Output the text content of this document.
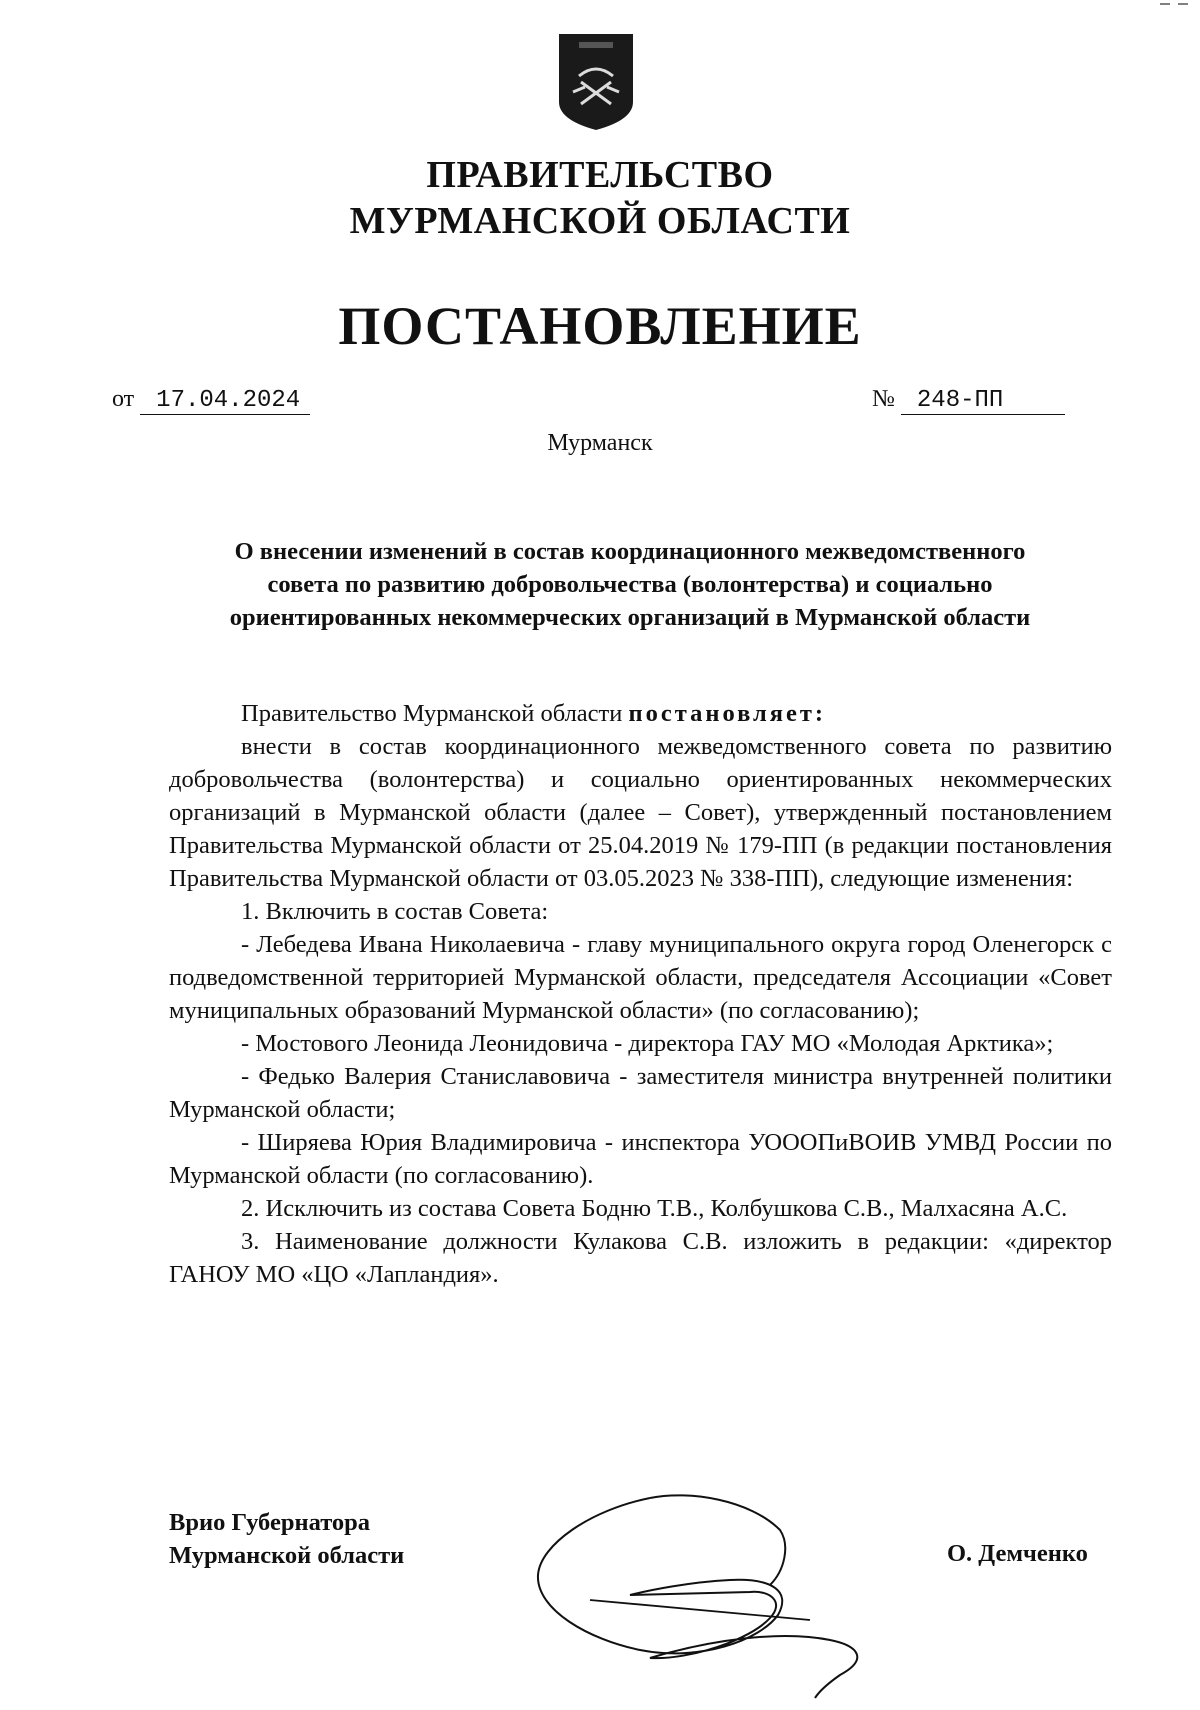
ПРАВИТЕЛЬСТВО
МУРМАНСКОЙ ОБЛАСТИ
ПОСТАНОВЛЕНИЕ
от 17.04.2024	№ 248-ПП
Мурманск
О внесении изменений в состав координационного межведомственного
совета по развитию добровольчества (волонтерства) и социально
ориентированных некоммерческих организаций в Мурманской области

Правительство Мурманской области постановляет:

внести в состав координационного межведомственного совета по развитию добровольчества (волонтерства) и социально ориентированных некоммерческих организаций в Мурманской области (далее – Совет), утвержденный постановлением Правительства Мурманской области от 25.04.2019 № 179-ПП (в редакции постановления Правительства Мурманской области от 03.05.2023 № 338-ПП), следующие изменения:

1. Включить в состав Совета:

- Лебедева Ивана Николаевича - главу муниципального округа город Оленегорск с подведомственной территорией Мурманской области, председателя Ассоциации «Совет муниципальных образований Мурманской области» (по согласованию);

- Мостового Леонида Леонидовича - директора ГАУ МО «Молодая Арктика»;

- Федько Валерия Станиславовича - заместителя министра внутренней политики Мурманской области;

- Ширяева Юрия Владимировича - инспектора УОООПиВОИВ УМВД России по Мурманской области (по согласованию).

2. Исключить из состава Совета Бодню Т.В., Колбушкова С.В., Малхасяна А.С.

3. Наименование должности Кулакова С.В. изложить в редакции: «директор ГАНОУ МО «ЦО «Лапландия».

Врио Губернатора
Мурманской области	О. Демченко
